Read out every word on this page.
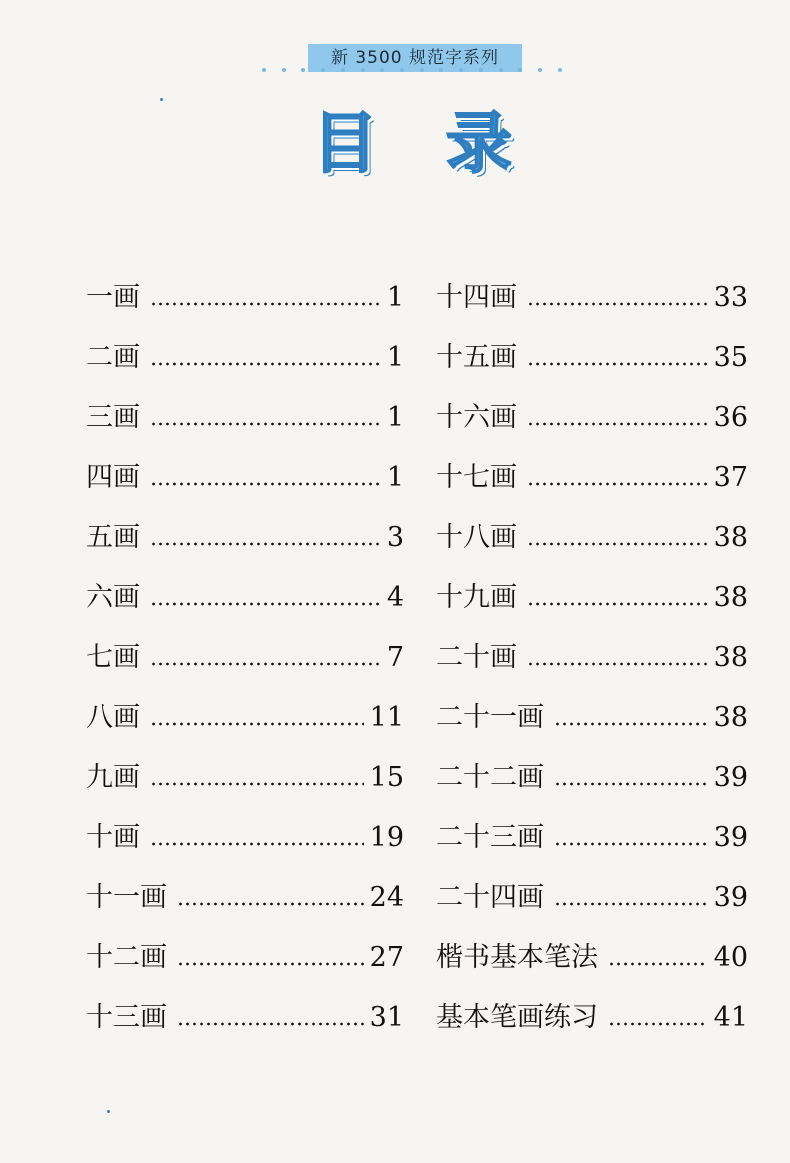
新 3500 规范字系列
目 录
一画	1
二画	1
三画	1
四画	1
五画	3
六画	4
七画	7
八画	11
九画	15
十画	19
十一画	24
十二画	27
十三画	31
十四画	33
十五画	35
十六画	36
十七画	37
十八画	38
十九画	38
二十画	38
二十一画	38
二十二画	39
二十三画	39
二十四画	39
楷书基本笔法	40
基本笔画练习	41
